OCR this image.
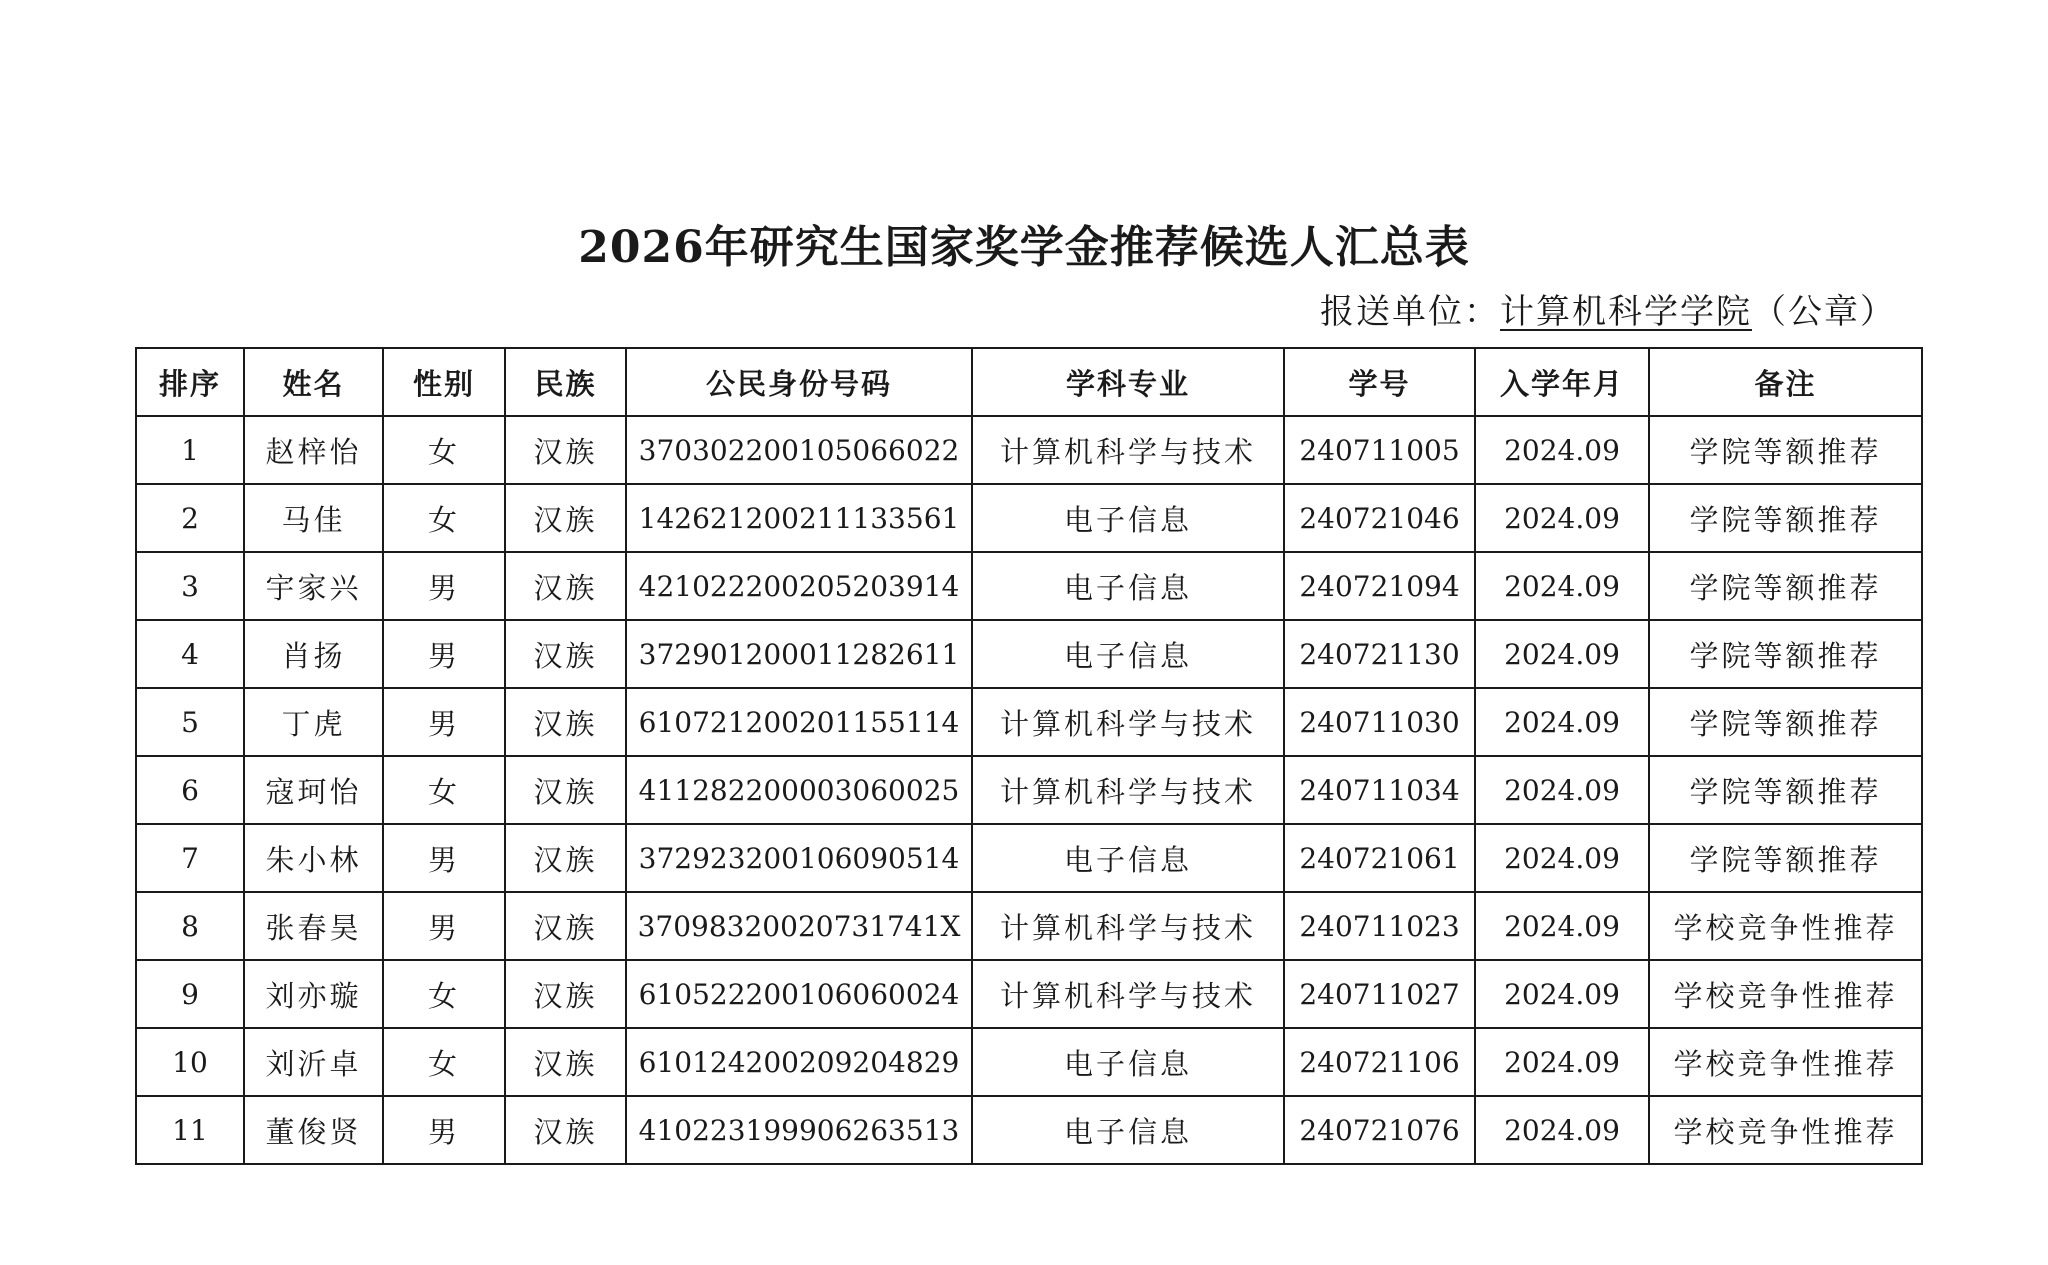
2026年研究生国家奖学金推荐候选人汇总表
报送单位：计算机科学学院（公章）
排序	姓名	性别	民族	公民身份号码	学科专业	学号	入学年月	备注
1	赵梓怡	女	汉族	370302200105066022	计算机科学与技术	240711005	2024.09	学院等额推荐
2	马佳	女	汉族	142621200211133561	电子信息	240721046	2024.09	学院等额推荐
3	宇家兴	男	汉族	421022200205203914	电子信息	240721094	2024.09	学院等额推荐
4	肖扬	男	汉族	372901200011282611	电子信息	240721130	2024.09	学院等额推荐
5	丁虎	男	汉族	610721200201155114	计算机科学与技术	240711030	2024.09	学院等额推荐
6	寇珂怡	女	汉族	411282200003060025	计算机科学与技术	240711034	2024.09	学院等额推荐
7	朱小林	男	汉族	372923200106090514	电子信息	240721061	2024.09	学院等额推荐
8	张春昊	男	汉族	37098320020731741X	计算机科学与技术	240711023	2024.09	学校竞争性推荐
9	刘亦璇	女	汉族	610522200106060024	计算机科学与技术	240711027	2024.09	学校竞争性推荐
10	刘沂卓	女	汉族	610124200209204829	电子信息	240721106	2024.09	学校竞争性推荐
11	董俊贤	男	汉族	410223199906263513	电子信息	240721076	2024.09	学校竞争性推荐
